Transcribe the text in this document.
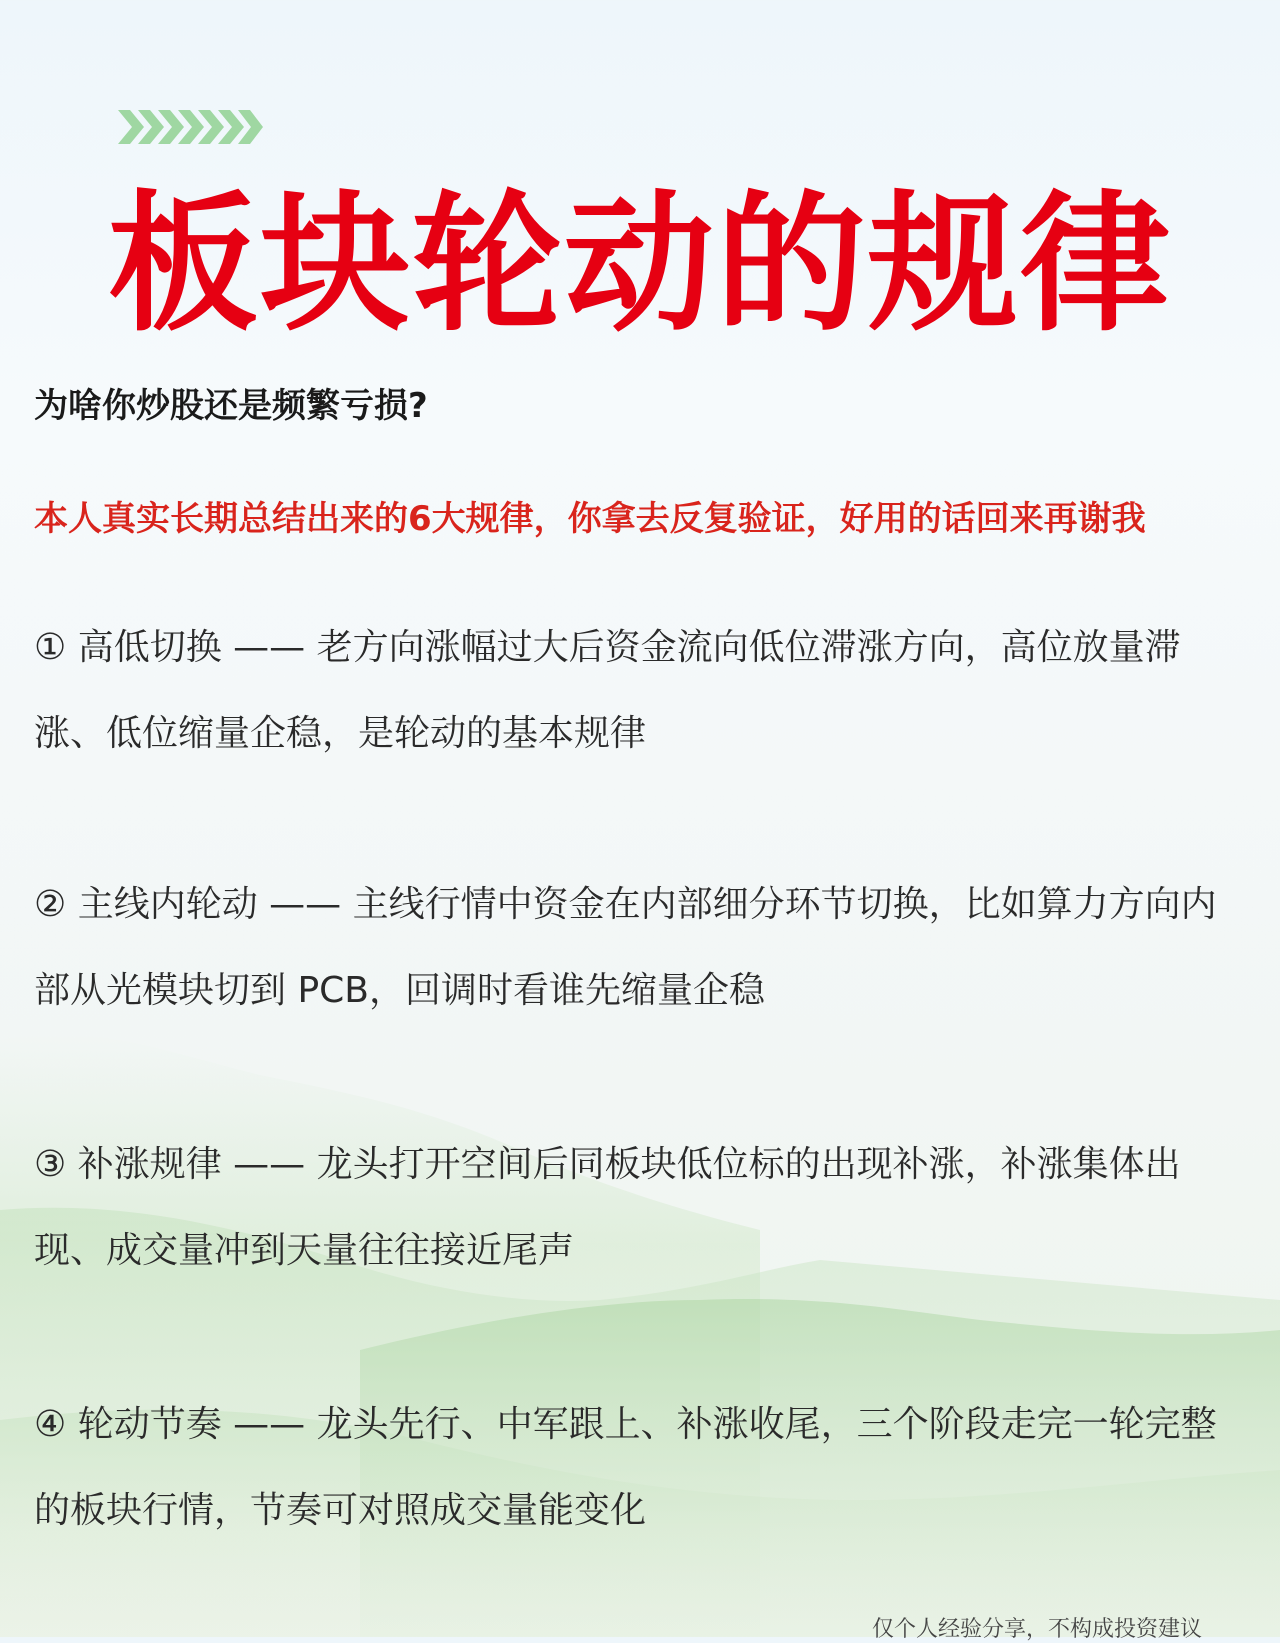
板块轮动的规律
为啥你炒股还是频繁亏损?
本人真实长期总结出来的6大规律，你拿去反复验证，好用的话回来再谢我
① 高低切换 —— 老方向涨幅过大后资金流向低位滞涨方向，高位放量滞涨、低位缩量企稳，是轮动的基本规律
② 主线内轮动 —— 主线行情中资金在内部细分环节切换，比如算力方向内部从光模块切到 PCB，回调时看谁先缩量企稳
③ 补涨规律 —— 龙头打开空间后同板块低位标的出现补涨，补涨集体出现、成交量冲到天量往往接近尾声
④ 轮动节奏 —— 龙头先行、中军跟上、补涨收尾，三个阶段走完一轮完整的板块行情，节奏可对照成交量能变化
仅个人经验分享，不构成投资建议
